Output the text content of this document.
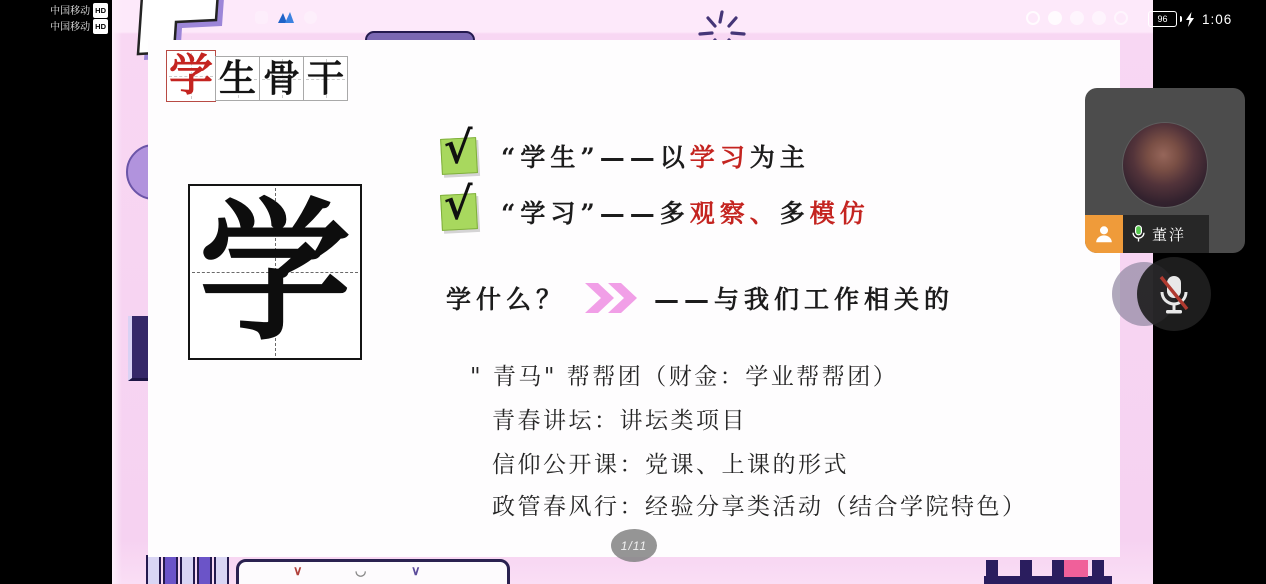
∨	◡	∨
学 生 骨 干
学
√ “学生”——以学习为主
√ “学习”——多观察、多模仿
学什么？	——与我们工作相关的
" 青马" 帮帮团（财金：学业帮帮团）
青春讲坛：讲坛类项目
信仰公开课：党课、上课的形式
政管春风行：经验分享类活动（结合学院特色）
1/11
董洋
中国移动 HD
中国移动 HD
96	1:06
